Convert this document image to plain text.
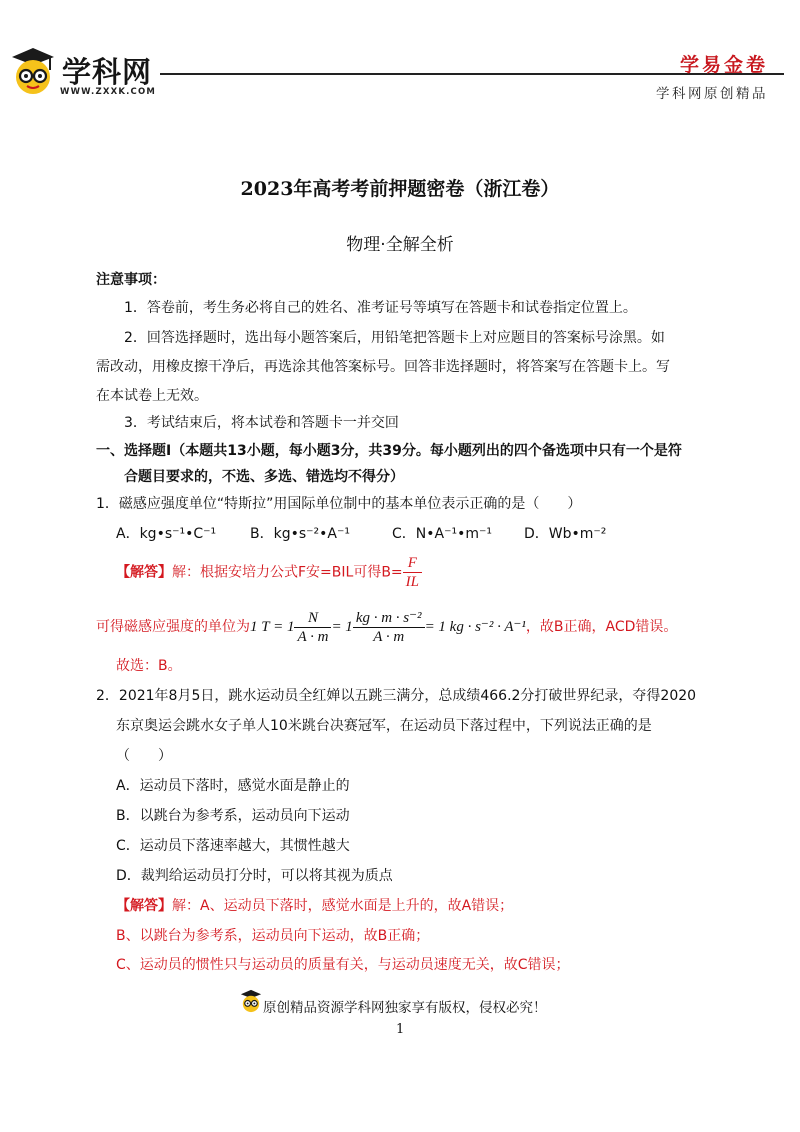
学科网
WWW.ZXXK.COM
学易金卷
学科网原创精品
2023年高考考前押题密卷（浙江卷）
物理·全解全析
注意事项：
1．答卷前，考生务必将自己的姓名、准考证号等填写在答题卡和试卷指定位置上。
2．回答选择题时，选出每小题答案后，用铅笔把答题卡上对应题目的答案标号涂黑。如
需改动，用橡皮擦干净后，再选涂其他答案标号。回答非选择题时，将答案写在答题卡上。写
在本试卷上无效。
3．考试结束后，将本试卷和答题卡一并交回
一、选择题Ⅰ（本题共13小题，每小题3分，共39分。每小题列出的四个备选项中只有一个是符
合题目要求的，不选、多选、错选均不得分）
1．磁感应强度单位“特斯拉”用国际单位制中的基本单位表示正确的是（　　）
A．kg•s⁻¹•C⁻¹ B．kg•s⁻²•A⁻¹	C．N•A⁻¹•m⁻¹ D．Wb•m⁻²
【解答】解：根据安培力公式F安=BIL可得$B= \frac{F}{IL}$
可得磁感应强度的单位为1 $T = 1 \frac{N}{A \cdot m} = 1 \frac{\text{kg · m · s⁻²}}{A \cdot m} = 1$ kg · s⁻² · A⁻¹，故B正确，ACD错误。
故选：B。
2．2021年8月5日，跳水运动员全红婵以五跳三满分，总成绩466.2分打破世界纪录，夺得2020
东京奥运会跳水女子单人10米跳台决赛冠军，在运动员下落过程中，下列说法正确的是
（　　）
A．运动员下落时，感觉水面是静止的
B．以跳台为参考系，运动员向下运动
C．运动员下落速率越大，其惯性越大
D．裁判给运动员打分时，可以将其视为质点
【解答】解：A、运动员下落时，感觉水面是上升的，故A错误；
B、以跳台为参考系，运动员向下运动，故B正确；
C、运动员的惯性只与运动员的质量有关，与运动员速度无关，故C错误；
原创精品资源学科网独家享有版权，侵权必究！
1
